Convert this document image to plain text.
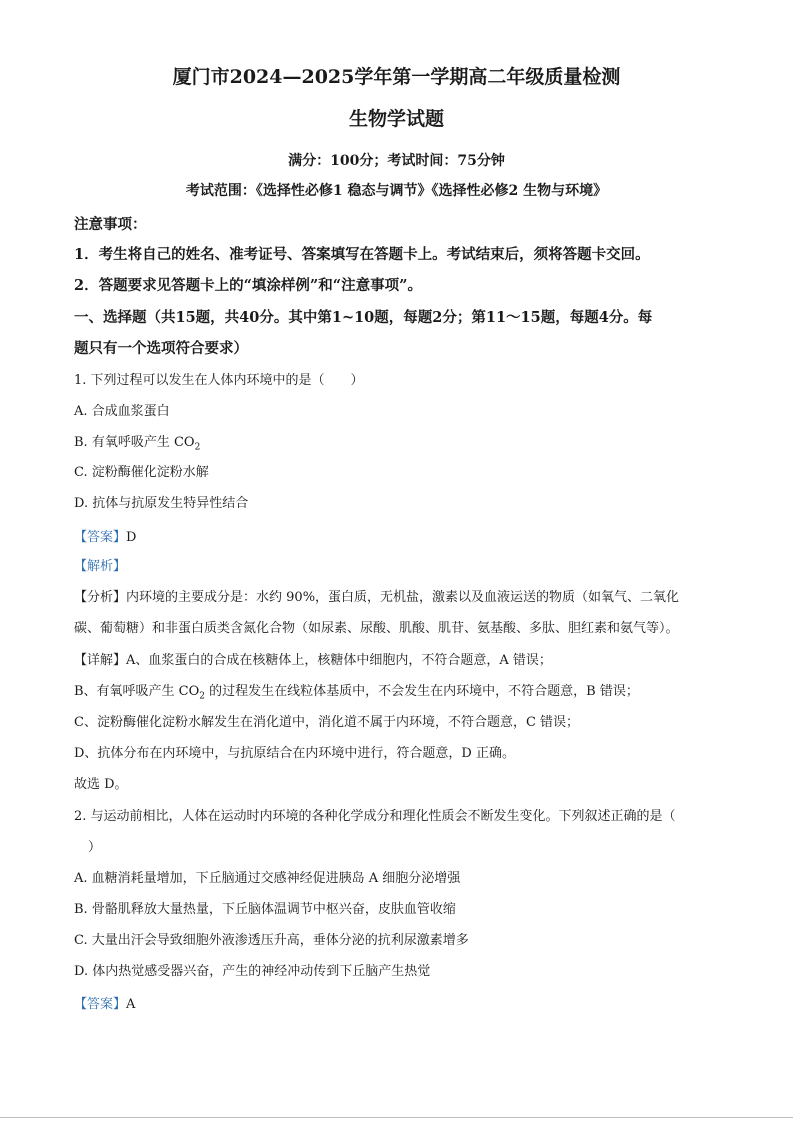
厦门市2024—2025学年第一学期高二年级质量检测
生物学试题
满分：100分；考试时间：75分钟
考试范围：《选择性必修1 稳态与调节》《选择性必修2 生物与环境》
注意事项：
1．考生将自己的姓名、准考证号、答案填写在答题卡上。考试结束后，须将答题卡交回。
2．答题要求见答题卡上的“填涂样例”和“注意事项”。
一、选择题（共15题，共40分。其中第1~10题，每题2分；第11～15题，每题4分。每
题只有一个选项符合要求）
1. 下列过程可以发生在人体内环境中的是（　　）
A. 合成血浆蛋白
B. 有氧呼吸产生 $CO_2$
C. 淀粉酶催化淀粉水解
D. 抗体与抗原发生特异性结合
【答案】D
【解析】
【分析】内环境的主要成分是：水约 90%，蛋白质，无机盐，激素以及血液运送的物质（如氧气、二氧化
碳、葡萄糖）和非蛋白质类含氮化合物（如尿素、尿酸、肌酸、肌苷、氨基酸、多肽、胆红素和氨气等）。
【详解】A、血浆蛋白的合成在核糖体上，核糖体中细胞内，不符合题意，A 错误；
B、有氧呼吸产生 $CO_2$ 的过程发生在线粒体基质中，不会发生在内环境中，不符合题意，B 错误；
C、淀粉酶催化淀粉水解发生在消化道中，消化道不属于内环境，不符合题意，C 错误；
D、抗体分布在内环境中，与抗原结合在内环境中进行，符合题意，D 正确。
故选 D。
2. 与运动前相比，人体在运动时内环境的各种化学成分和理化性质会不断发生变化。下列叙述正确的是（
）
A. 血糖消耗量增加，下丘脑通过交感神经促进胰岛 A 细胞分泌增强
B. 骨骼肌释放大量热量，下丘脑体温调节中枢兴奋，皮肤血管收缩
C. 大量出汗会导致细胞外液渗透压升高，垂体分泌的抗利尿激素增多
D. 体内热觉感受器兴奋，产生的神经冲动传到下丘脑产生热觉
【答案】A
